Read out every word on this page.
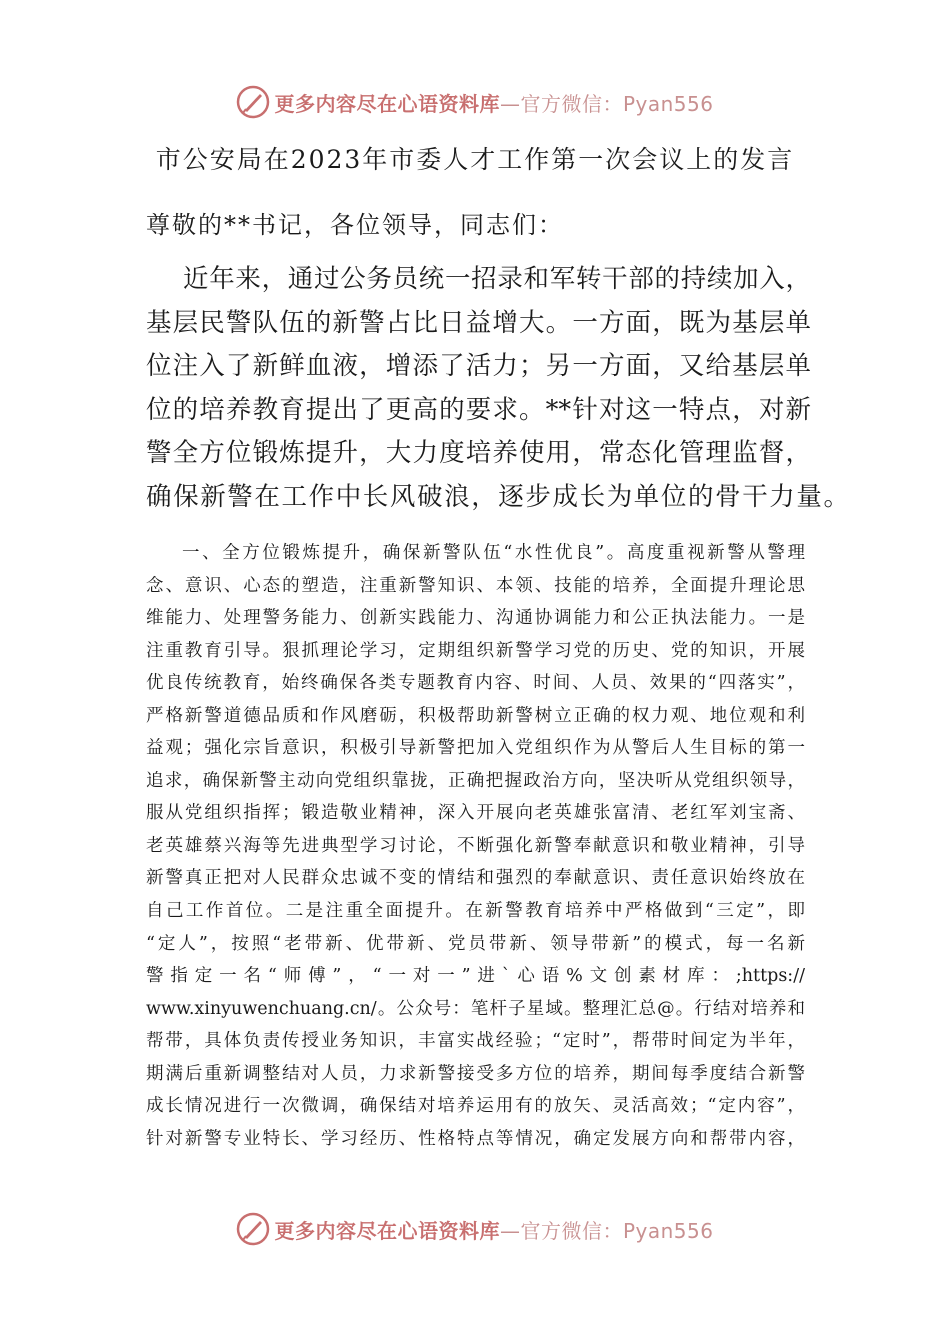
更多内容尽在心语资料库 —官方微信：Pyan556
市公安局在2023年市委人才工作第一次会议上的发言
尊敬的**书记，各位领导，同志们：
近年来，通过公务员统一招录和军转干部的持续加入，
基层民警队伍的新警占比日益增大。一方面，既为基层单
位注入了新鲜血液，增添了活力；另一方面，又给基层单
位的培养教育提出了更高的要求。**针对这一特点，对新
警全方位锻炼提升，大力度培养使用，常态化管理监督，
确保新警在工作中长风破浪，逐步成长为单位的骨干力量。
一、全方位锻炼提升，确保新警队伍“水性优良”。高度重视新警从警理
念、意识、心态的塑造，注重新警知识、本领、技能的培养，全面提升理论思
维能力、处理警务能力、创新实践能力、沟通协调能力和公正执法能力。一是
注重教育引导。狠抓理论学习，定期组织新警学习党的历史、党的知识，开展
优良传统教育，始终确保各类专题教育内容、时间、人员、效果的“四落实”，
严格新警道德品质和作风磨砺，积极帮助新警树立正确的权力观、地位观和利
益观；强化宗旨意识，积极引导新警把加入党组织作为从警后人生目标的第一
追求，确保新警主动向党组织靠拢，正确把握政治方向，坚决听从党组织领导，
服从党组织指挥；锻造敬业精神，深入开展向老英雄张富清、老红军刘宝斋、
老英雄蔡兴海等先进典型学习讨论，不断强化新警奉献意识和敬业精神，引导
新警真正把对人民群众忠诚不变的情结和强烈的奉献意识、责任意识始终放在
自己工作首位。二是注重全面提升。在新警教育培养中严格做到“三定”，即
“定人”，按照“老带新、优带新、党员带新、领导带新”的模式，每一名新
警指定一名“师傅”，“一对一”进`心语%文创素材库：;https://
www.xinyuwenchuang.cn/。公众号：笔杆子星域。整理汇总@。行结对培养和
帮带，具体负责传授业务知识，丰富实战经验；“定时”，帮带时间定为半年，
期满后重新调整结对人员，力求新警接受多方位的培养，期间每季度结合新警
成长情况进行一次微调，确保结对培养运用有的放矢、灵活高效；“定内容”，
针对新警专业特长、学习经历、性格特点等情况，确定发展方向和帮带内容，
更多内容尽在心语资料库 —官方微信：Pyan556
